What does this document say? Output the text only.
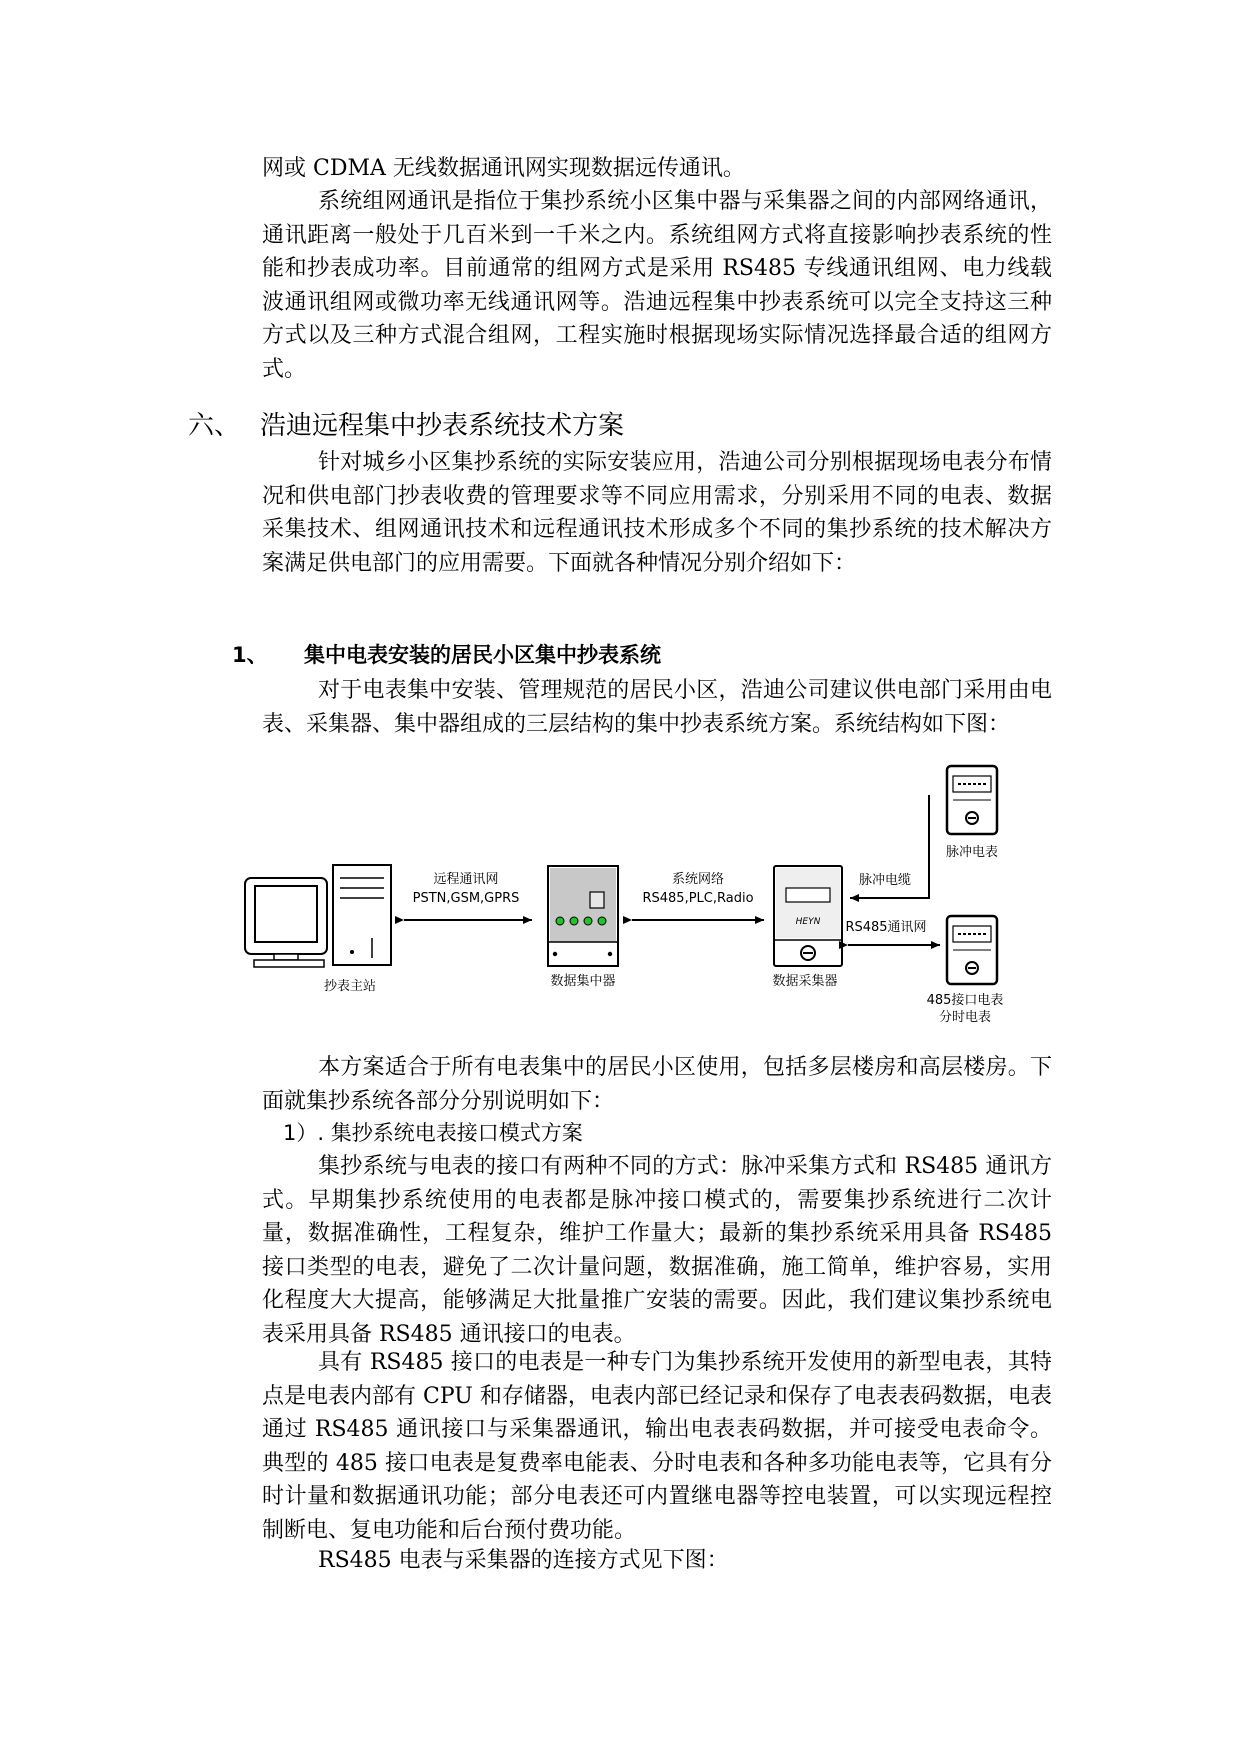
网或 CDMA 无线数据通讯网实现数据远传通讯。

系统组网通讯是指位于集抄系统小区集中器与采集器之间的内部网络通讯，通讯距离一般处于几百米到一千米之内。系统组网方式将直接影响抄表系统的性能和抄表成功率。目前通常的组网方式是采用 RS485 专线通讯组网、电力线载波通讯组网或微功率无线通讯网等。浩迪远程集中抄表系统可以完全支持这三种方式以及三种方式混合组网，工程实施时根据现场实际情况选择最合适的组网方式。

六、 浩迪远程集中抄表系统技术方案

针对城乡小区集抄系统的实际安装应用，浩迪公司分别根据现场电表分布情况和供电部门抄表收费的管理要求等不同应用需求，分别采用不同的电表、数据采集技术、组网通讯技术和远程通讯技术形成多个不同的集抄系统的技术解决方案满足供电部门的应用需要。下面就各种情况分别介绍如下：

1、 集中电表安装的居民小区集中抄表系统

对于电表集中安装、管理规范的居民小区，浩迪公司建议供电部门采用由电表、采集器、集中器组成的三层结构的集中抄表系统方案。系统结构如下图：

抄表主站
远程通讯网
PSTN,GSM,GPRS
数据集中器
系统网络
RS485,PLC,Radio
HEYN
数据采集器
脉冲电表
脉冲电缆
485接口电表
分时电表
RS485通讯网

本方案适合于所有电表集中的居民小区使用，包括多层楼房和高层楼房。下面就集抄系统各部分分别说明如下：

1）. 集抄系统电表接口模式方案

集抄系统与电表的接口有两种不同的方式：脉冲采集方式和 RS485 通讯方式。早期集抄系统使用的电表都是脉冲接口模式的，需要集抄系统进行二次计量，数据准确性，工程复杂，维护工作量大；最新的集抄系统采用具备 RS485 接口类型的电表，避免了二次计量问题，数据准确，施工简单，维护容易，实用化程度大大提高，能够满足大批量推广安装的需要。因此，我们建议集抄系统电表采用具备 RS485 通讯接口的电表。

具有 RS485 接口的电表是一种专门为集抄系统开发使用的新型电表，其特点是电表内部有 CPU 和存储器，电表内部已经记录和保存了电表表码数据，电表通过 RS485 通讯接口与采集器通讯，输出电表表码数据，并可接受电表命令。典型的 485 接口电表是复费率电能表、分时电表和各种多功能电表等，它具有分时计量和数据通讯功能；部分电表还可内置继电器等控电装置，可以实现远程控制断电、复电功能和后台预付费功能。

RS485 电表与采集器的连接方式见下图：
